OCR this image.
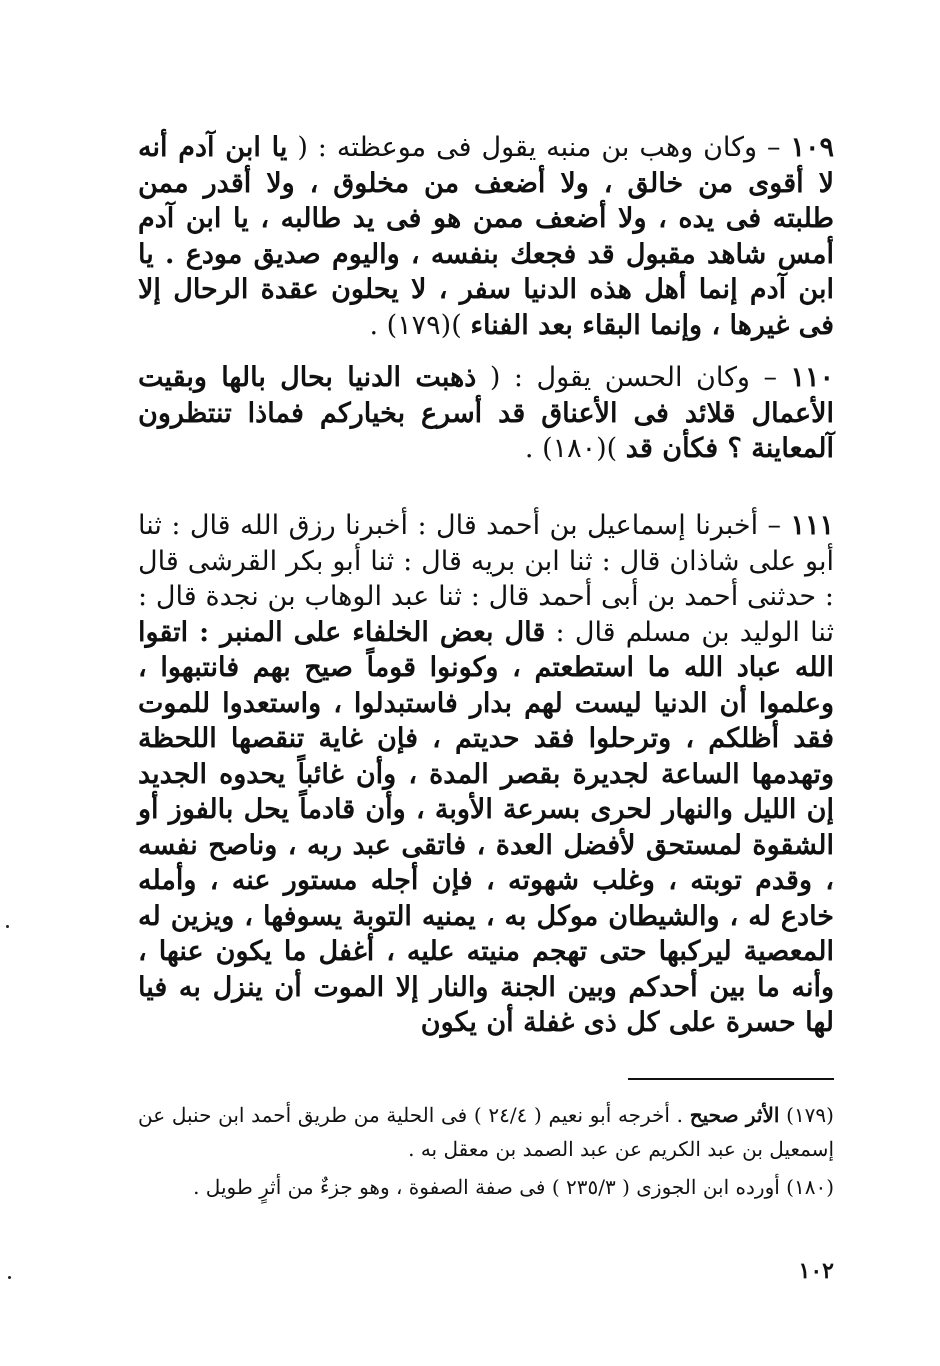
١٠٩ – وكان وهب بن منبه يقول فى موعظته : ( يا ابن آدم أنه لا أقوى من خالق ، ولا أضعف من مخلوق ، ولا أقدر ممن طلبته فى يده ، ولا أضعف ممن هو فى يد طالبه ، يا ابن آدم أمس شاهد مقبول قد فجعك بنفسه ، واليوم صديق مودع . يا ابن آدم إنما أهل هذه الدنيا سفر ، لا يحلون عقدة الرحال إلا فى غيرها ، وإنما البقاء بعد الفناء )(١٧٩) .
١١٠ – وكان الحسن يقول : ( ذهبت الدنيا بحال بالها وبقيت الأعمال قلائد فى الأعناق قد أسرع بخياركم فماذا تنتظرون آلمعاينة ؟ فكأن قد )(١٨٠) .
١١١ – أخبرنا إسماعيل بن أحمد قال : أخبرنا رزق الله قال : ثنا أبو على شاذان قال : ثنا ابن بريه قال : ثنا أبو بكر القرشى قال : حدثنى أحمد بن أبى أحمد قال : ثنا عبد الوهاب بن نجدة قال : ثنا الوليد بن مسلم قال : قال بعض الخلفاء على المنبر : اتقوا الله عباد الله ما استطعتم ، وكونوا قوماً صيح بهم فانتبهوا ، وعلموا أن الدنيا ليست لهم بدار فاستبدلوا ، واستعدوا للموت فقد أظلكم ، وترحلوا فقد حديتم ، فإن غاية تنقصها اللحظة وتهدمها الساعة لجديرة بقصر المدة ، وأن غائباً يحدوه الجديد إن الليل والنهار لحرى بسرعة الأوبة ، وأن قادماً يحل بالفوز أو الشقوة لمستحق لأفضل العدة ، فاتقى عبد ربه ، وناصح نفسه ، وقدم توبته ، وغلب شهوته ، فإن أجله مستور عنه ، وأمله خادع له ، والشيطان موكل به ، يمنيه التوبة يسوفها ، ويزين له المعصية ليركبها حتى تهجم منيته عليه ، أغفل ما يكون عنها ، وأنه ما بين أحدكم وبين الجنة والنار إلا الموت أن ينزل به فيا لها حسرة على كل ذى غفلة أن يكون
(١٧٩) الأثر صحيح . أخرجه أبو نعيم ( ٢٤/٤ ) فى الحلية من طريق أحمد ابن حنبل عن إسمعيل بن عبد الكريم عن عبد الصمد بن معقل به .
(١٨٠) أورده ابن الجوزى ( ٢٣٥/٣ ) فى صفة الصفوة ، وهو جزءٌ من أثرٍ طويل .
١٠٢
